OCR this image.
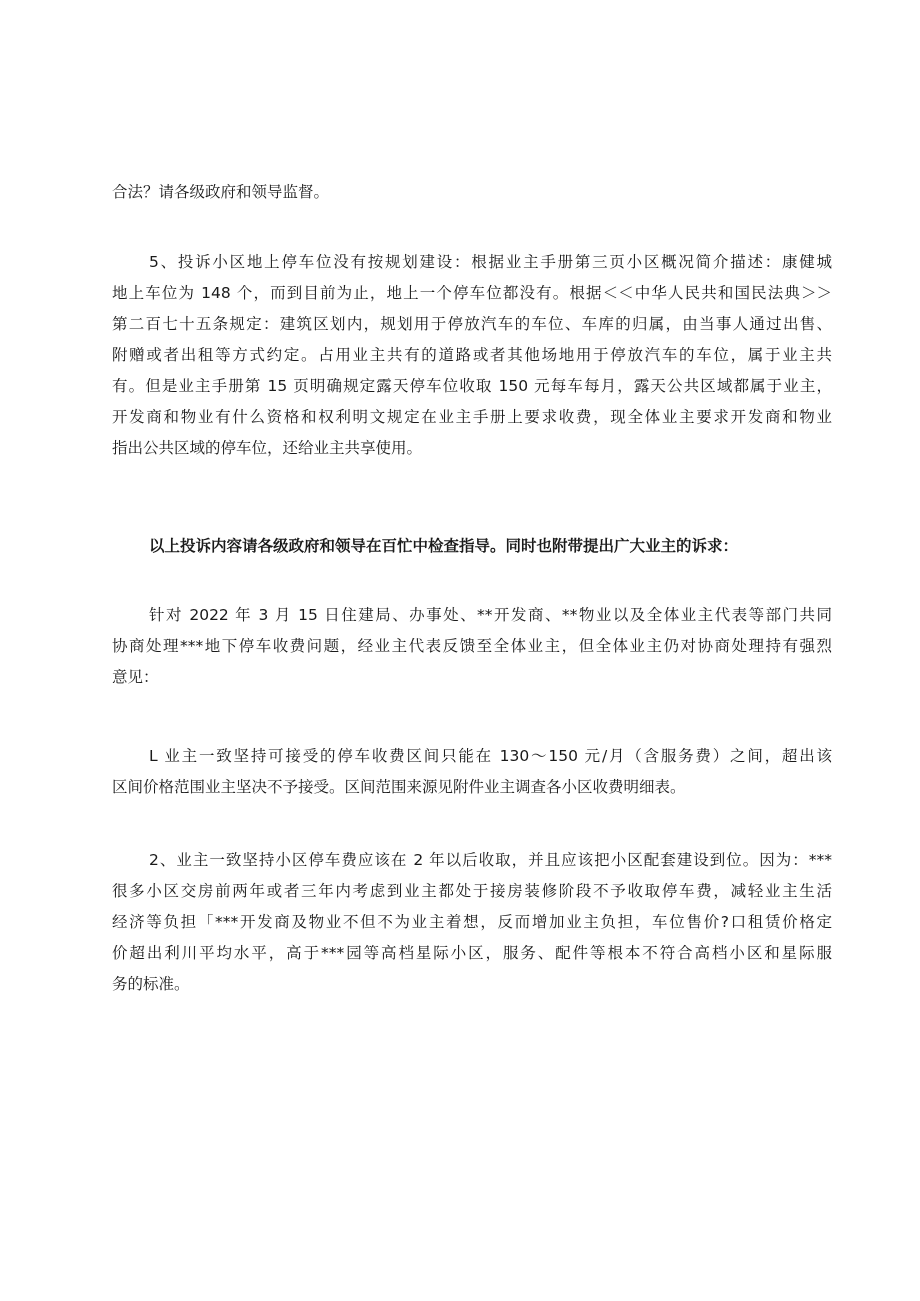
合法？请各级政府和领导监督。
5、投诉小区地上停车位没有按规划建设：根据业主手册第三页小区概况简介描述：康健城
地上车位为 148 个，而到目前为止，地上一个停车位都没有。根据＜＜中华人民共和国民法典＞＞
第二百七十五条规定：建筑区划内，规划用于停放汽车的车位、车库的归属，由当事人通过出售、
附赠或者出租等方式约定。占用业主共有的道路或者其他场地用于停放汽车的车位，属于业主共
有。但是业主手册第 15 页明确规定露天停车位收取 150 元每车每月，露天公共区域都属于业主，
开发商和物业有什么资格和权利明文规定在业主手册上要求收费，现全体业主要求开发商和物业
指出公共区域的停车位，还给业主共享使用。
以上投诉内容请各级政府和领导在百忙中检查指导。同时也附带提出广大业主的诉求：
针对 2022 年 3 月 15 日住建局、办事处、**开发商、**物业以及全体业主代表等部门共同
协商处理***地下停车收费问题，经业主代表反馈至全体业主，但全体业主仍对协商处理持有强烈
意见：
L 业主一致坚持可接受的停车收费区间只能在 130～150 元/月（含服务费）之间，超出该
区间价格范围业主坚决不予接受。区间范围来源见附件业主调查各小区收费明细表。
2、业主一致坚持小区停车费应该在 2 年以后收取，并且应该把小区配套建设到位。因为：***
很多小区交房前两年或者三年内考虑到业主都处于接房装修阶段不予收取停车费，减轻业主生活
经济等负担「***开发商及物业不但不为业主着想，反而增加业主负担，车位售价?口租赁价格定
价超出利川平均水平，高于***园等高档星际小区，服务、配件等根本不符合高档小区和星际服
务的标准。
